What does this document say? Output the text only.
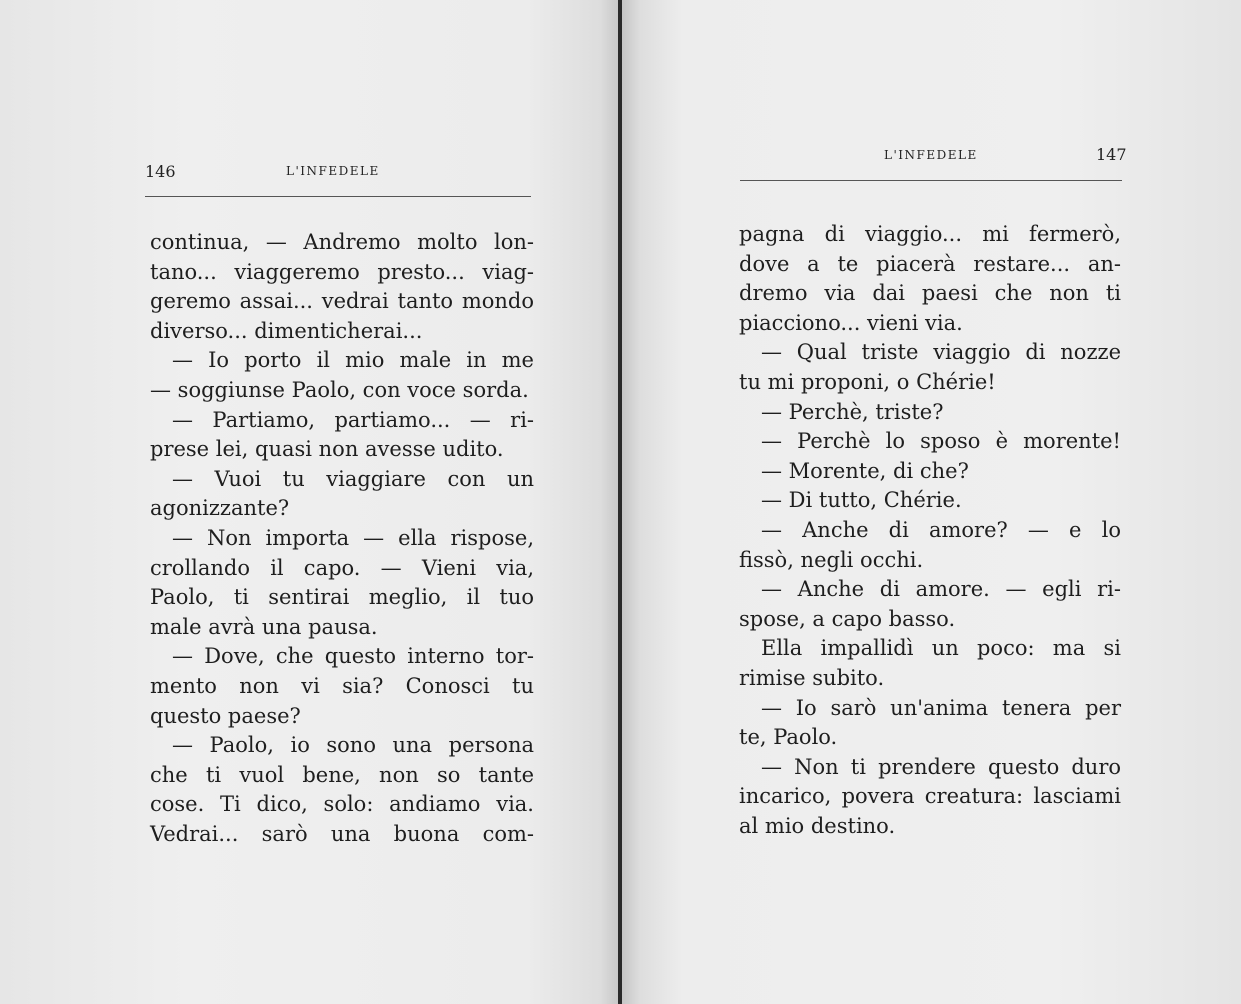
146	L'INFEDELE
continua, — Andremo molto lon-
tano... viaggeremo presto... viag-
geremo assai... vedrai tanto mondo
diverso... dimenticherai...
— Io porto il mio male in me
— soggiunse Paolo, con voce sorda.
— Partiamo, partiamo... — ri-
prese lei, quasi non avesse udito.
— Vuoi tu viaggiare con un
agonizzante?
— Non importa — ella rispose,
crollando il capo. — Vieni via,
Paolo, ti sentirai meglio, il tuo
male avrà una pausa.
— Dove, che questo interno tor-
mento non vi sia? Conosci tu
questo paese?
— Paolo, io sono una persona
che ti vuol bene, non so tante
cose. Ti dico, solo: andiamo via.
Vedrai... sarò una buona com-
L'INFEDELE	147
pagna di viaggio... mi fermerò,
dove a te piacerà restare... an-
dremo via dai paesi che non ti
piacciono... vieni via.
— Qual triste viaggio di nozze
tu mi proponi, o Chérie!
— Perchè, triste?
— Perchè lo sposo è morente!
— Morente, di che?
— Di tutto, Chérie.
— Anche di amore? — e lo
fissò, negli occhi.
— Anche di amore. — egli ri-
spose, a capo basso.
Ella impallidì un poco: ma si
rimise subito.
— Io sarò un'anima tenera per
te, Paolo.
— Non ti prendere questo duro
incarico, povera creatura: lasciami
al mio destino.
